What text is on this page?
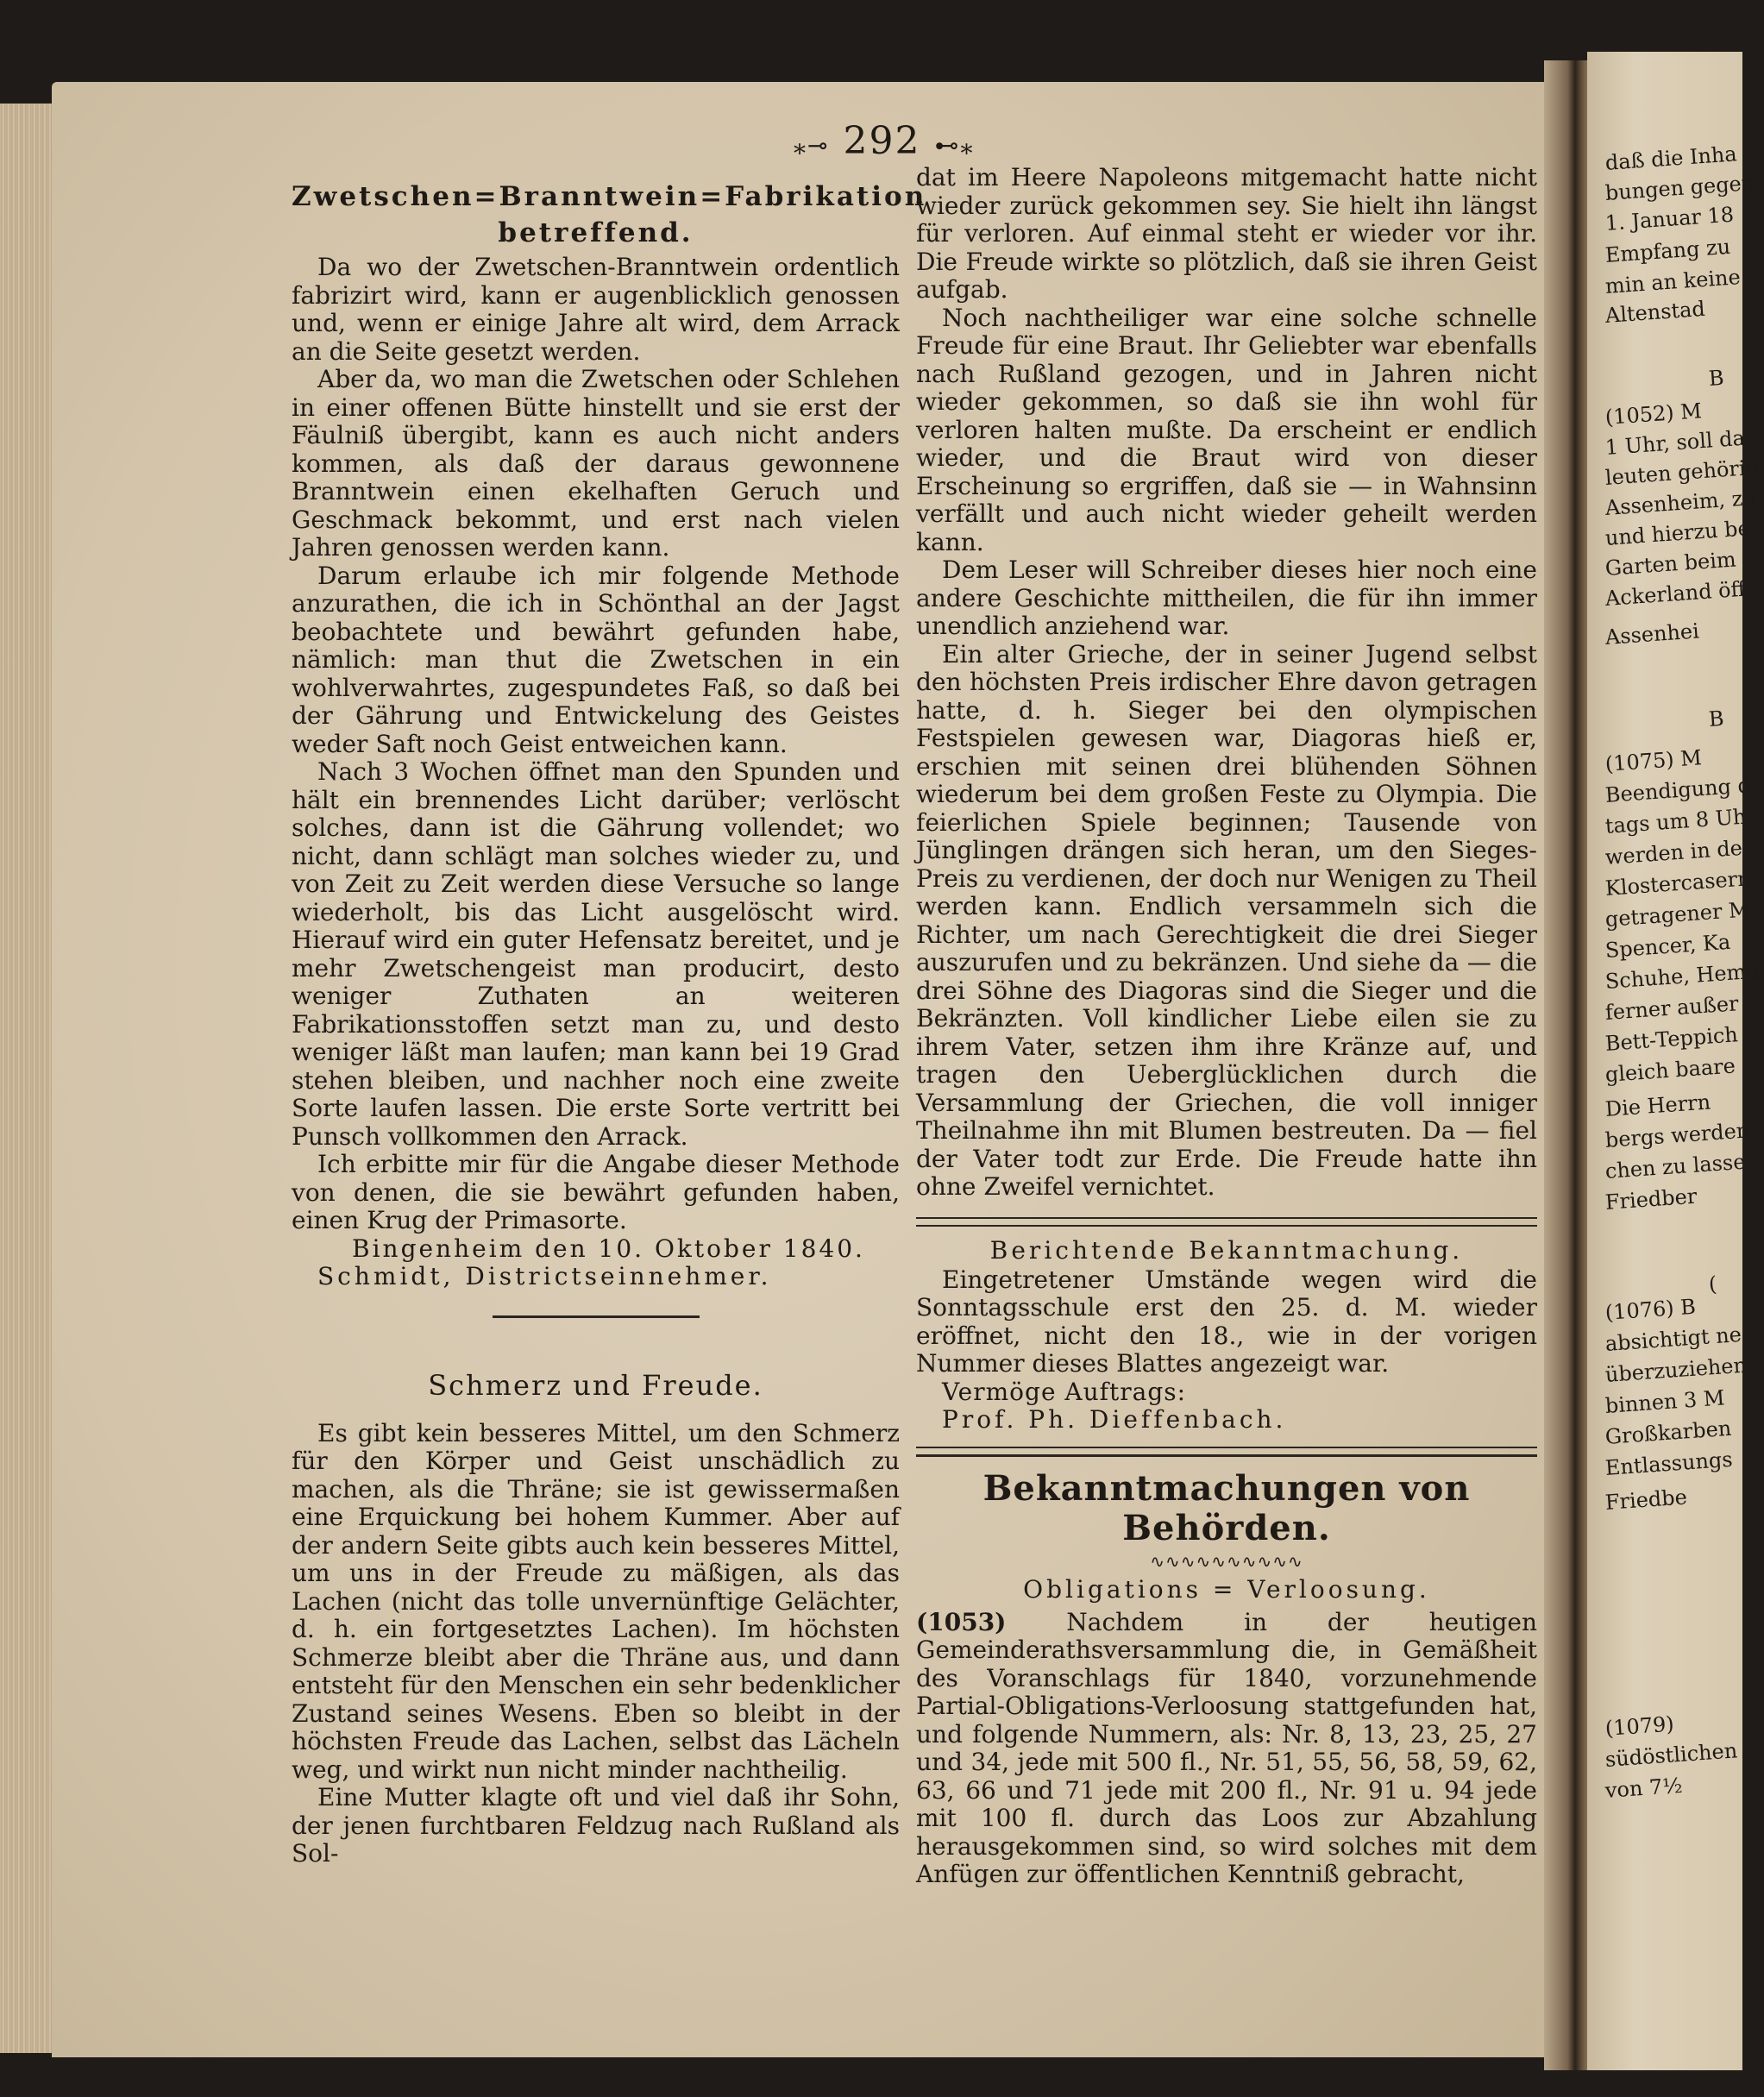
daß die Inha
bungen gegen
1. Januar 18
Empfang zu
min an keine
Altenstad
B
(1052) M
1 Uhr, soll da
leuten gehörig
Assenheim, zu
und hierzu be
Garten beim
Ackerland öff
Assenhei
B
(1075) M
Beendigung d
tags um 8 Uh
werden in de
Klostercaserne
getragener M
Spencer, Ka
Schuhe, Hemd
ferner außer
Bett-Teppich
gleich baare
Die Herrn
bergs werden
chen zu lasse
Friedber
(
(1076) B
absichtigt ne
überzuziehen
binnen 3 M
Großkarben
Entlassungs
Friedbe
(1079)
südöstlichen
von 7½
⁎⊸ 292 ⊷⁎
Zwetschen=Branntwein=Fabrikation
betreffend.

Da wo der Zwetschen-Branntwein ordentlich fabrizirt wird, kann er augenblicklich genossen und, wenn er einige Jahre alt wird, dem Arrack an die Seite gesetzt werden.

Aber da, wo man die Zwetschen oder Schlehen in einer offenen Bütte hinstellt und sie erst der Fäulniß übergibt, kann es auch nicht anders kommen, als daß der daraus gewonnene Branntwein einen ekelhaften Geruch und Geschmack bekommt, und erst nach vielen Jahren genossen werden kann.

Darum erlaube ich mir folgende Methode anzurathen, die ich in Schönthal an der Jagst beobachtete und bewährt gefunden habe, nämlich: man thut die Zwetschen in ein wohlverwahrtes, zugespundetes Faß, so daß bei der Gährung und Entwickelung des Geistes weder Saft noch Geist entweichen kann.

Nach 3 Wochen öffnet man den Spunden und hält ein brennendes Licht darüber; verlöscht solches, dann ist die Gährung vollendet; wo nicht, dann schlägt man solches wieder zu, und von Zeit zu Zeit werden diese Versuche so lange wiederholt, bis das Licht ausgelöscht wird. Hierauf wird ein guter Hefensatz bereitet, und je mehr Zwetschengeist man producirt, desto weniger Zuthaten an weiteren Fabrikationsstoffen setzt man zu, und desto weniger läßt man laufen; man kann bei 19 Grad stehen bleiben, und nachher noch eine zweite Sorte laufen lassen. Die erste Sorte vertritt bei Punsch vollkommen den Arrack.

Ich erbitte mir für die Angabe dieser Methode von denen, die sie bewährt gefunden haben, einen Krug der Primasorte.

Bingenheim den 10. Oktober 1840.

Schmidt, Districtseinnehmer.

Schmerz und Freude.

Es gibt kein besseres Mittel, um den Schmerz für den Körper und Geist unschädlich zu machen, als die Thräne; sie ist gewissermaßen eine Erquickung bei hohem Kummer. Aber auf der andern Seite gibts auch kein besseres Mittel, um uns in der Freude zu mäßigen, als das Lachen (nicht das tolle unvernünftige Gelächter, d. h. ein fortgesetztes Lachen). Im höchsten Schmerze bleibt aber die Thräne aus, und dann entsteht für den Menschen ein sehr bedenklicher Zustand seines Wesens. Eben so bleibt in der höchsten Freude das Lachen, selbst das Lächeln weg, und wirkt nun nicht minder nachtheilig.

Eine Mutter klagte oft und viel daß ihr Sohn, der jenen furchtbaren Feldzug nach Rußland als Sol-

dat im Heere Napoleons mitgemacht hatte nicht wieder zurück gekommen sey. Sie hielt ihn längst für verloren. Auf einmal steht er wieder vor ihr. Die Freude wirkte so plötzlich, daß sie ihren Geist aufgab.

Noch nachtheiliger war eine solche schnelle Freude für eine Braut. Ihr Geliebter war ebenfalls nach Rußland gezogen, und in Jahren nicht wieder gekommen, so daß sie ihn wohl für verloren halten mußte. Da erscheint er endlich wieder, und die Braut wird von dieser Erscheinung so ergriffen, daß sie — in Wahnsinn verfällt und auch nicht wieder geheilt werden kann.

Dem Leser will Schreiber dieses hier noch eine andere Geschichte mittheilen, die für ihn immer unendlich anziehend war.

Ein alter Grieche, der in seiner Jugend selbst den höchsten Preis irdischer Ehre davon getragen hatte, d. h. Sieger bei den olympischen Festspielen gewesen war, Diagoras hieß er, erschien mit seinen drei blühenden Söhnen wiederum bei dem großen Feste zu Olympia. Die feierlichen Spiele beginnen; Tausende von Jünglingen drängen sich heran, um den Sieges-Preis zu verdienen, der doch nur Wenigen zu Theil werden kann. Endlich versammeln sich die Richter, um nach Gerechtigkeit die drei Sieger auszurufen und zu bekränzen. Und siehe da — die drei Söhne des Diagoras sind die Sieger und die Bekränzten. Voll kindlicher Liebe eilen sie zu ihrem Vater, setzen ihm ihre Kränze auf, und tragen den Ueberglücklichen durch die Versammlung der Griechen, die voll inniger Theilnahme ihn mit Blumen bestreuten. Da — fiel der Vater todt zur Erde. Die Freude hatte ihn ohne Zweifel vernichtet.

Berichtende Bekanntmachung.

Eingetretener Umstände wegen wird die Sonntagsschule erst den 25. d. M. wieder eröffnet, nicht den 18., wie in der vorigen Nummer dieses Blattes angezeigt war.

Vermöge Auftrags:

Prof. Ph. Dieffenbach.

Bekanntmachungen von Behörden.
∿∿∿∿∿∿∿∿∿∿
Obligations = Verloosung.

(1053) Nachdem in der heutigen Gemeinderathsversammlung die, in Gemäßheit des Voranschlags für 1840, vorzunehmende Partial-Obligations-Verloosung stattgefunden hat, und folgende Nummern, als: Nr. 8, 13, 23, 25, 27 und 34, jede mit 500 fl., Nr. 51, 55, 56, 58, 59, 62, 63, 66 und 71 jede mit 200 fl., Nr. 91 u. 94 jede mit 100 fl. durch das Loos zur Abzahlung herausgekommen sind, so wird solches mit dem Anfügen zur öffentlichen Kenntniß gebracht,
